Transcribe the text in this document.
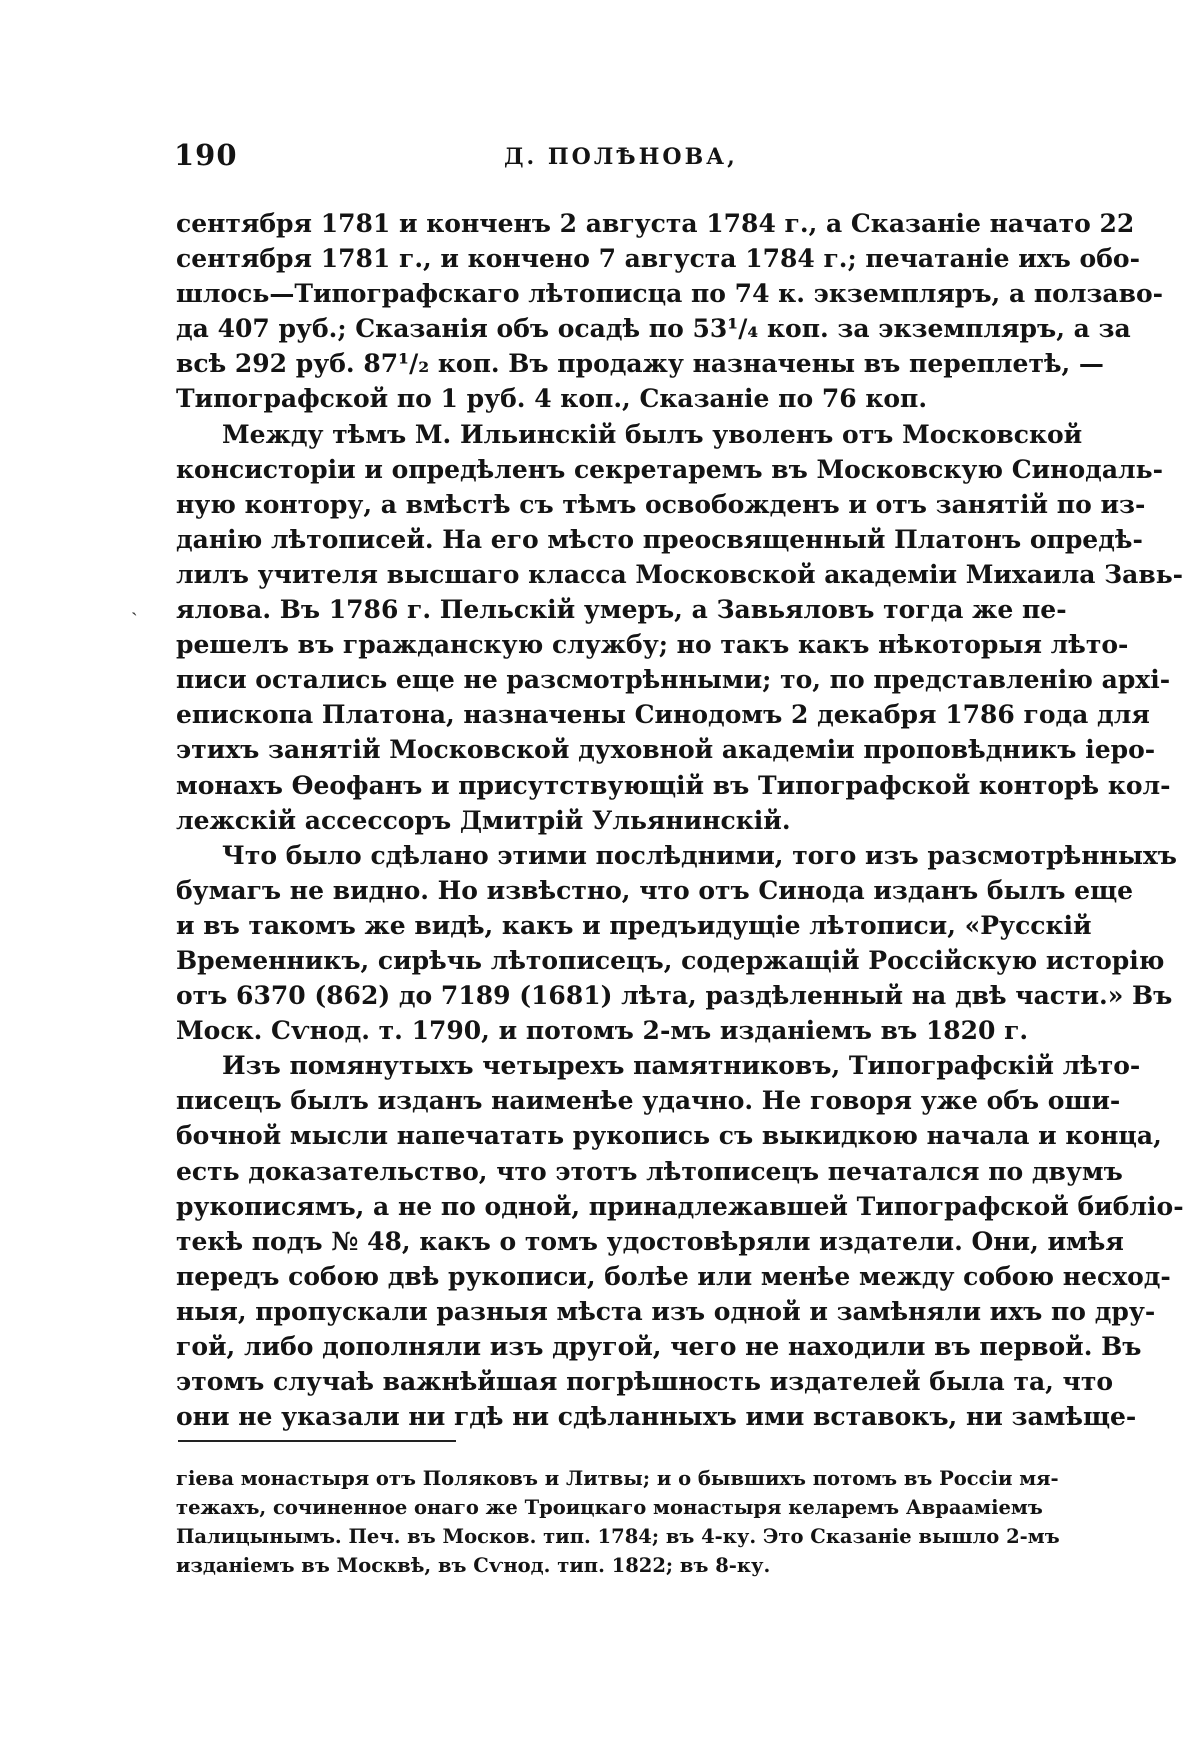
190	Д. ПОЛѢНОВА,
ˏ
сентября 1781 и конченъ 2 августа 1784 г., а Сказаніе начато 22
сентября 1781 г., и кончено 7 августа 1784 г.; печатаніе ихъ обо-
шлось—Типографскаго лѣтописца по 74 к. экземпляръ, а ползаво-
да 407 руб.; Сказанія объ осадѣ по 53¹/₄ коп. за экземпляръ, а за
всѣ 292 руб. 87¹/₂ коп. Въ продажу назначены въ переплетѣ, —
Типографской по 1 руб. 4 коп., Сказаніе по 76 коп.
Между тѣмъ М. Ильинскій былъ уволенъ отъ Московской
консисторіи и опредѣленъ секретаремъ въ Московскую Синодаль-
ную контору, а вмѣстѣ съ тѣмъ освобожденъ и отъ занятій по из-
данію лѣтописей. На его мѣсто преосвященный Платонъ опредѣ-
лилъ учителя высшаго класса Московской академіи Михаила Завь-
ялова. Въ 1786 г. Пельскій умеръ, а Завьяловъ тогда же пе-
решелъ въ гражданскую службу; но такъ какъ нѣкоторыя лѣто-
писи остались еще не разсмотрѣнными; то, по представленію архі-
епископа Платона, назначены Синодомъ 2 декабря 1786 года для
этихъ занятій Московской духовной академіи проповѣдникъ іеро-
монахъ Ѳеофанъ и присутствующій въ Типографской конторѣ кол-
лежскій ассессоръ Дмитрій Ульянинскій.
Что было сдѣлано этими послѣдними, того изъ разсмотрѣнныхъ
бумагъ не видно. Но извѣстно, что отъ Синода изданъ былъ еще
и въ такомъ же видѣ, какъ и предъидущіе лѣтописи, «Русскій
Временникъ, сирѣчь лѣтописецъ, содержащій Россійскую исторію
отъ 6370 (862) до 7189 (1681) лѣта, раздѣленный на двѣ части.» Въ
Моск. Сѵнод. т. 1790, и потомъ 2-мъ изданіемъ въ 1820 г.
Изъ помянутыхъ четырехъ памятниковъ, Типографскій лѣто-
писецъ былъ изданъ наименѣе удачно. Не говоря уже объ оши-
бочной мысли напечатать рукопись съ выкидкою начала и конца,
есть доказательство, что этотъ лѣтописецъ печатался по двумъ
рукописямъ, а не по одной, принадлежавшей Типографской библіо-
текѣ подъ № 48, какъ о томъ удостовѣряли издатели. Они, имѣя
передъ собою двѣ рукописи, болѣе или менѣе между собою несход-
ныя, пропускали разныя мѣста изъ одной и замѣняли ихъ по дру-
гой, либо дополняли изъ другой, чего не находили въ первой. Въ
этомъ случаѣ важнѣйшая погрѣшность издателей была та, что
они не указали ни гдѣ ни сдѣланныхъ ими вставокъ, ни замѣще-
гіева монастыря отъ Поляковъ и Литвы; и о бывшихъ потомъ въ Россіи мя-
тежахъ, сочиненное онаго же Троицкаго монастыря келаремъ Авраамiемъ
Палицынымъ. Печ. въ Москов. тип. 1784; въ 4-ку. Это Сказаніе вышло 2-мъ
изданіемъ въ Москвѣ, въ Сѵнод. тип. 1822; въ 8-ку.
